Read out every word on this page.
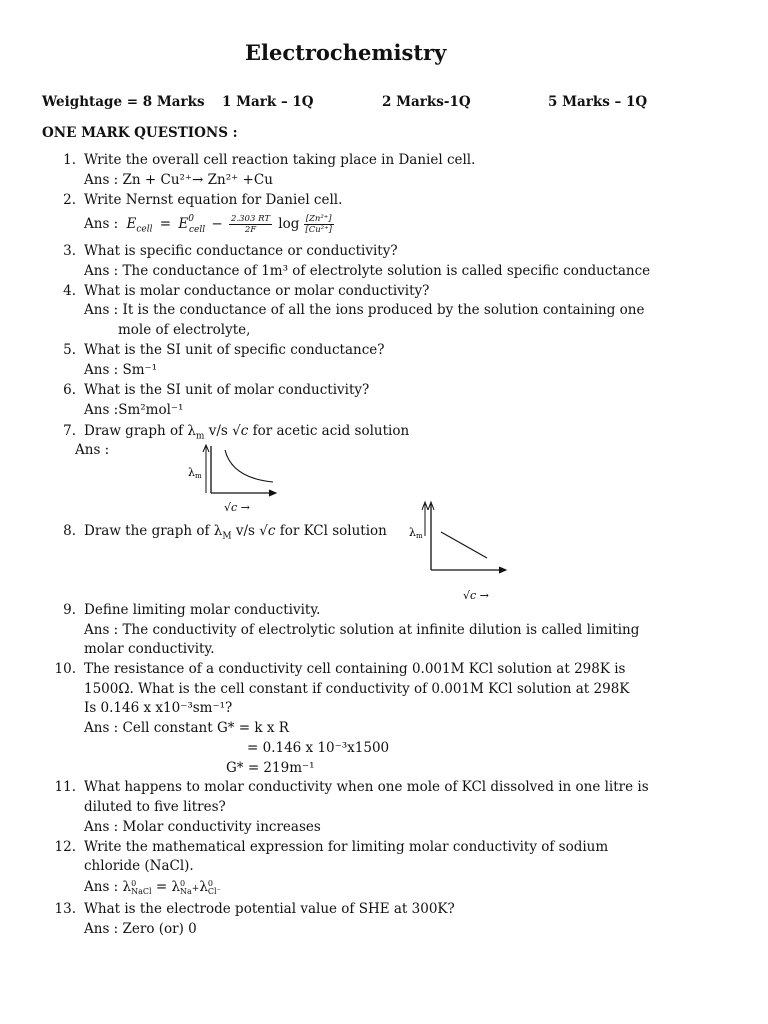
Electrochemistry
Weightage = 8 Marks 1 Mark – 1Q	2 Marks-1Q	5 Marks – 1Q
ONE MARK QUESTIONS :
1. Write the overall cell reaction taking place in Daniel cell.
Ans : Zn + Cu²⁺→ Zn²⁺ +Cu
2. Write Nernst equation for Daniel cell.
Ans : $E_{cell} = E^0_{cell} - \frac{2.303 RT}{2F}$ $\log \frac{\text{[Zn²⁺]}}{\text{[Cu²⁺]}}$
3. What is specific conductance or conductivity?
Ans : The conductance of 1m³ of electrolyte solution is called specific conductance
4. What is molar conductance or molar conductivity?
Ans : It is the conductance of all the ions produced by the solution containing one
mole of electrolyte,
5. What is the SI unit of specific conductance?
Ans : Sm⁻¹
6. What is the SI unit of molar conductivity?
Ans :Sm²mol⁻¹
7. Draw graph of $\lambda_m$ v/s √c for acetic acid solution
Ans :
λm
√c →
8. Draw the graph of $\lambda_M$ v/s √c for KCl solution λm
√c →
9. Define limiting molar conductivity.
Ans : The conductivity of electrolytic solution at infinite dilution is called limiting
molar conductivity.
10. The resistance of a conductivity cell containing 0.001M KCl solution at 298K is
1500Ω. What is the cell constant if conductivity of 0.001M KCl solution at 298K
Is 0.146 x x10⁻³sm⁻¹?
Ans : Cell constant G* = k x R
= 0.146 x 10⁻³x1500
G* = 219m⁻¹
11. What happens to molar conductivity when one mole of KCl dissolved in one litre is
diluted to five litres?
Ans : Molar conductivity increases
12. Write the mathematical expression for limiting molar conductivity of sodium
chloride (NaCl).
Ans : λ 0
NaCl = λ 0
Na +λ 0
Cl⁻
13. What is the electrode potential value of SHE at 300K?
Ans : Zero (or) 0
